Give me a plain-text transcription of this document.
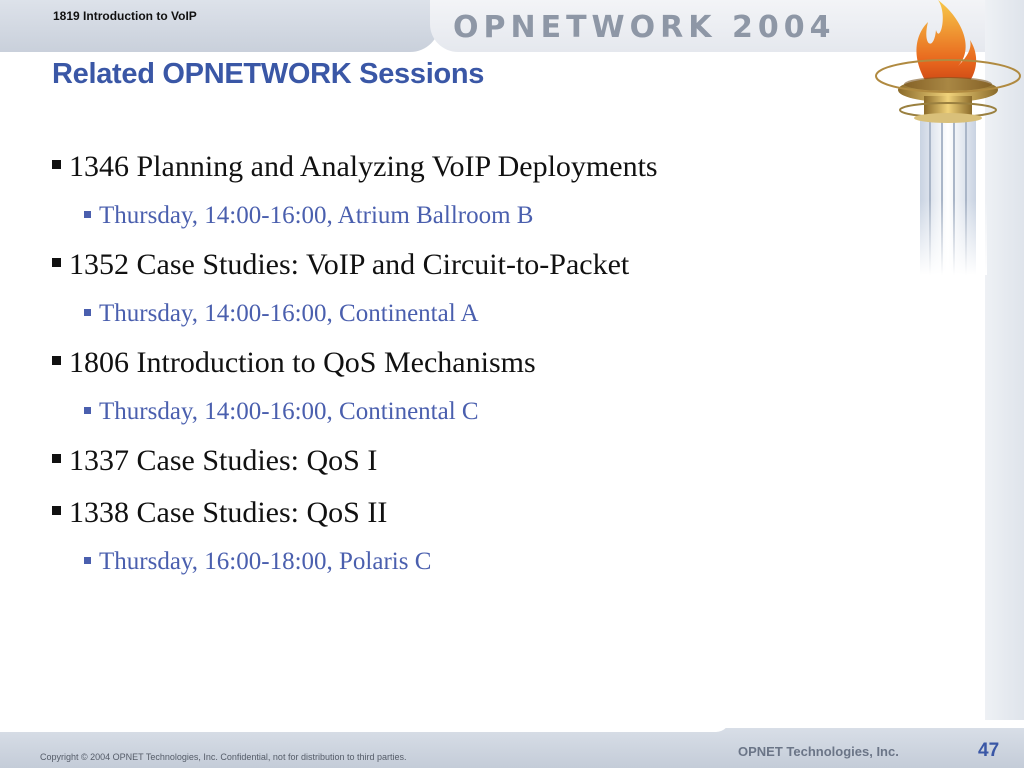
1819 Introduction to VoIP	OPNETWORK 2004
Related OPNETWORK Sessions
1346 Planning and Analyzing VoIP Deployments
Thursday, 14:00-16:00, Atrium Ballroom B
1352 Case Studies: VoIP and Circuit-to-Packet
Thursday, 14:00-16:00, Continental A
1806 Introduction to QoS Mechanisms
Thursday, 14:00-16:00, Continental C
1337 Case Studies: QoS I
1338 Case Studies: QoS II
Thursday, 16:00-18:00, Polaris C
Copyright © 2004 OPNET Technologies, Inc. Confidential, not for distribution to third parties.	OPNET Technologies, Inc.	47
